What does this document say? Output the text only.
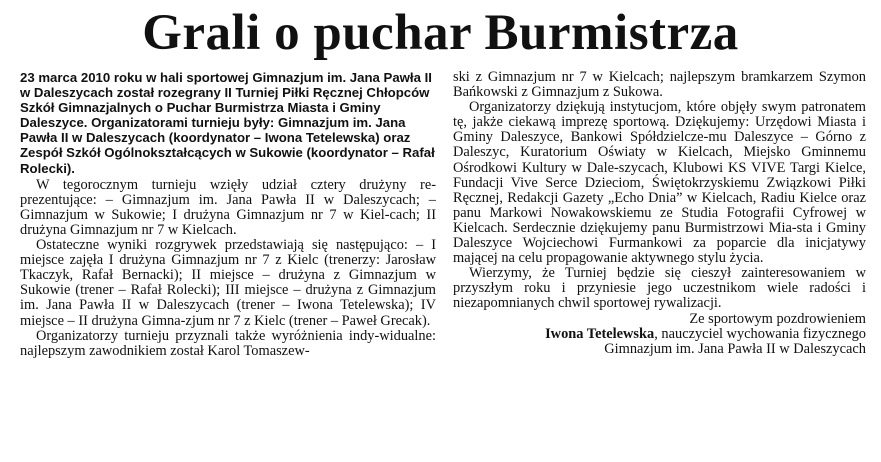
Grali o puchar Burmistrza

23 marca 2010 roku w hali sportowej Gimnazjum im. Jana Pawła II w Daleszycach został rozegrany II Turniej Piłki Ręcznej Chłopców Szkół Gimnazjalnych o Puchar Burmistrza Miasta i Gminy Daleszyce. Organizatorami turnieju były: Gimnazjum im. Jana Pawła II w Daleszycach (koordynator – Iwona Tetelewska) oraz Zespół Szkół Ogólnokształcących w Sukowie (koordynator – Rafał Rolecki).

W tegorocznym turnieju wzięły udział cztery drużyny re-prezentujące: – Gimnazjum im. Jana Pawła II w Daleszycach; – Gimnazjum w Sukowie; I drużyna Gimnazjum nr 7 w Kiel-cach; II drużyna Gimnazjum nr 7 w Kielcach.

Ostateczne wyniki rozgrywek przedstawiają się następująco: – I miejsce zajęła I drużyna Gimnazjum nr 7 z Kielc (trenerzy: Jarosław Tkaczyk, Rafał Bernacki); II miejsce – drużyna z Gimnazjum w Sukowie (trener – Rafał Rolecki); III miejsce – drużyna z Gimnazjum im. Jana Pawła II w Daleszycach (trener – Iwona Tetelewska); IV miejsce – II drużyna Gimna-zjum nr 7 z Kielc (trener – Paweł Grecak).

Organizatorzy turnieju przyznali także wyróżnienia indy-widualne: najlepszym zawodnikiem został Karol Tomaszew-

ski z Gimnazjum nr 7 w Kielcach; najlepszym bramkarzem Szymon Bańkowski z Gimnazjum z Sukowa.

Organizatorzy dziękują instytucjom, które objęły swym patronatem tę, jakże ciekawą imprezę sportową. Dziękujemy: Urzędowi Miasta i Gminy Daleszyce, Bankowi Spółdzielcze-mu Daleszyce – Górno z Daleszyc, Kuratorium Oświaty w Kielcach, Miejsko Gminnemu Ośrodkowi Kultury w Dale-szycach, Klubowi KS VIVE Targi Kielce, Fundacji Vive Serce Dzieciom, Świętokrzyskiemu Związkowi Piłki Ręcznej, Redakcji Gazety „Echo Dnia” w Kielcach, Radiu Kielce oraz panu Markowi Nowakowskiemu ze Studia Fotografii Cyfrowej w Kielcach. Serdecznie dziękujemy panu Burmistrzowi Mia-sta i Gminy Daleszyce Wojciechowi Furmankowi za poparcie dla inicjatywy mającej na celu propagowanie aktywnego stylu życia.

Wierzymy, że Turniej będzie się cieszył zainteresowaniem w przyszłym roku i przyniesie jego uczestnikom wiele radości i niezapomnianych chwil sportowej rywalizacji.

Ze sportowym pozdrowieniem

Iwona Tetelewska, nauczyciel wychowania fizycznego

Gimnazjum im. Jana Pawła II w Daleszycach
